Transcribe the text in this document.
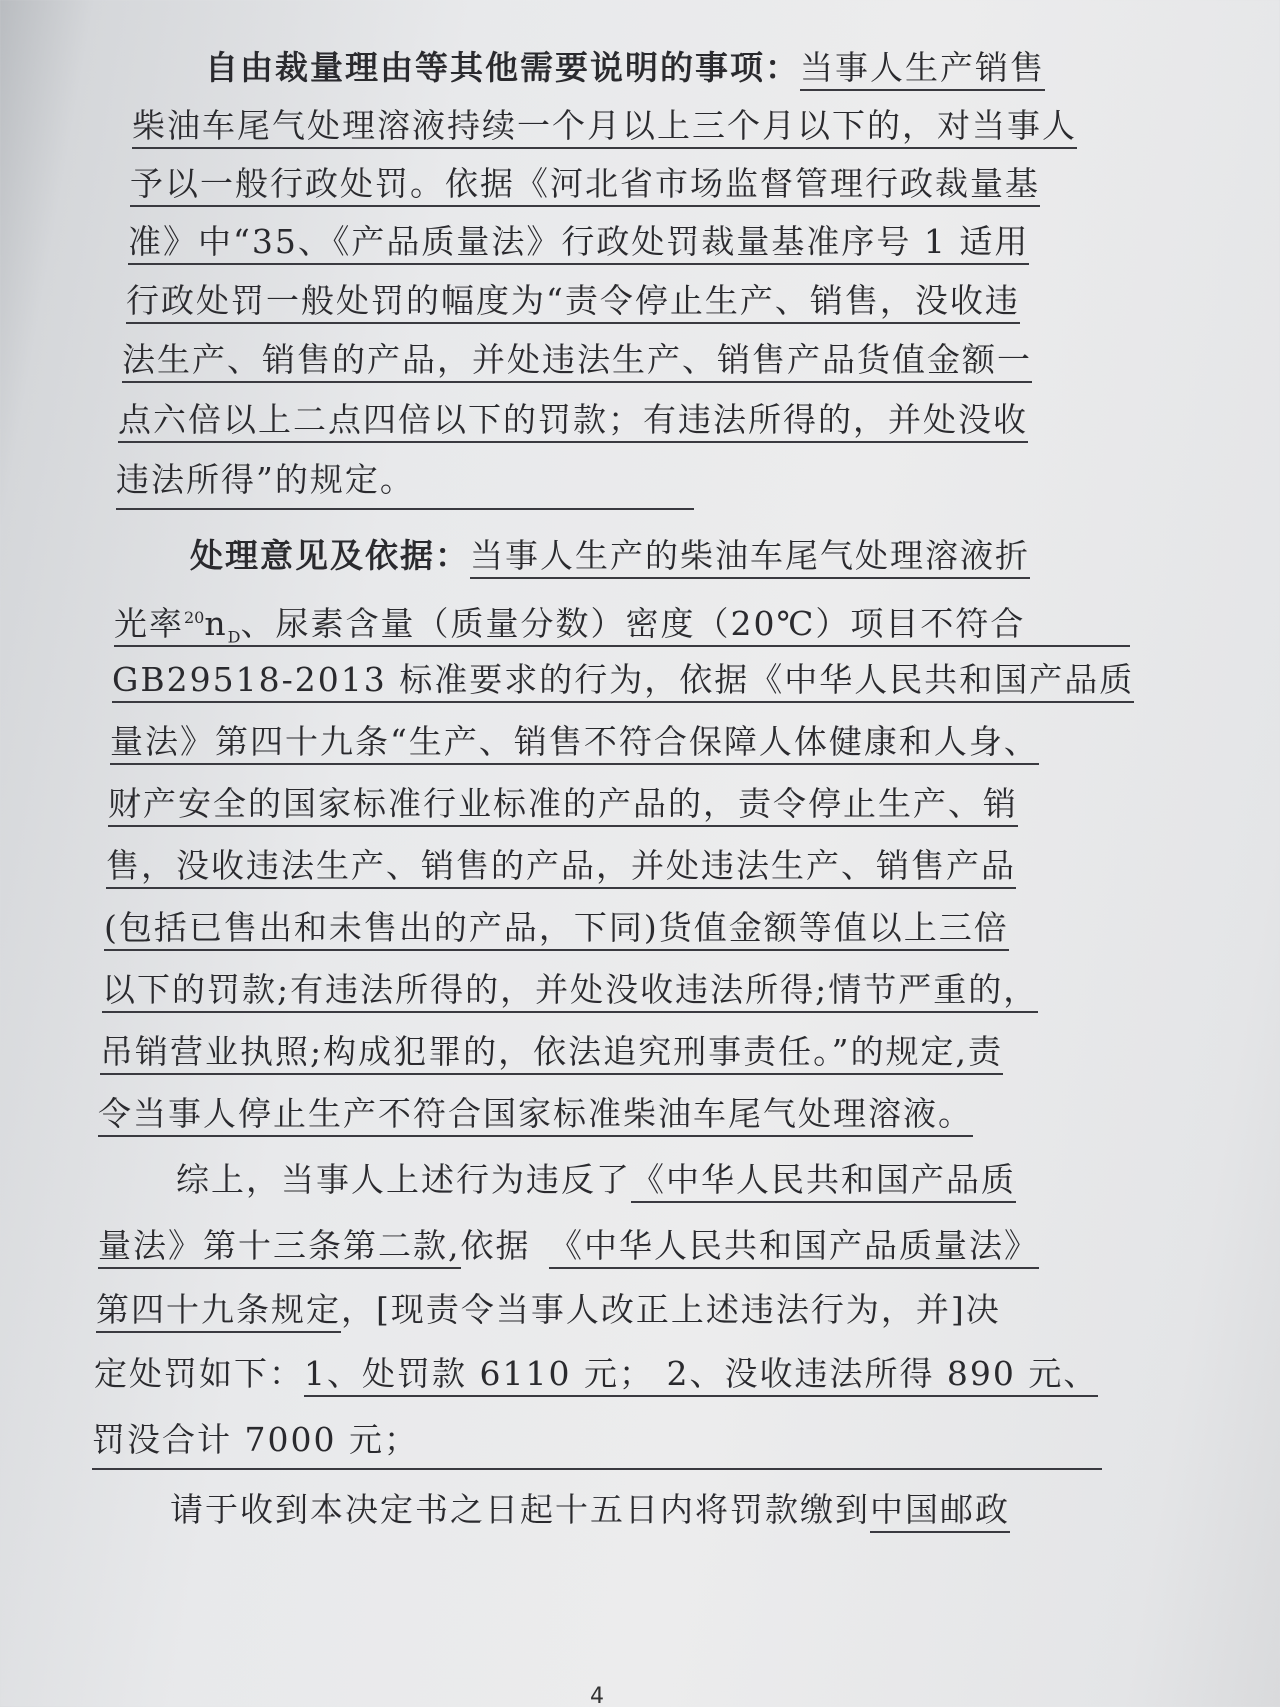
自由裁量理由等其他需要说明的事项：当事人生产销售
柴油车尾气处理溶液持续一个月以上三个月以下的，对当事人
予以一般行政处罚。依据《河北省市场监督管理行政裁量基
准》中“35、《产品质量法》行政处罚裁量基准序号 1 适用
行政处罚一般处罚的幅度为“责令停止生产、销售，没收违
法生产、销售的产品，并处违法生产、销售产品货值金额一
点六倍以上二点四倍以下的罚款；有违法所得的，并处没收
违法所得”的规定。
处理意见及依据：当事人生产的柴油车尾气处理溶液折
光率$^{20}n_D$、尿素含量（质量分数）密度（20℃）项目不符合   
GB29518-2013 标准要求的行为，依据《中华人民共和国产品质
量法》第四十九条“生产、销售不符合保障人体健康和人身、
财产安全的国家标准行业标准的产品的，责令停止生产、销
售，没收违法生产、销售的产品，并处违法生产、销售产品
(包括已售出和未售出的产品，下同)货值金额等值以上三倍
以下的罚款;有违法所得的，并处没收违法所得;情节严重的，
吊销营业执照;构成犯罪的，依法追究刑事责任。”的规定,责
令当事人停止生产不符合国家标准柴油车尾气处理溶液。
综上，当事人上述行为违反了《中华人民共和国产品质
量法》第十三条第二款,依据  《中华人民共和国产品质量法》
第四十九条规定，[现责令当事人改正上述违法行为，并]决
定处罚如下：1、处罚款 6110 元； 2、没收违法所得 890 元、
罚没合计 7000 元；
请于收到本决定书之日起十五日内将罚款缴到中国邮政
4
